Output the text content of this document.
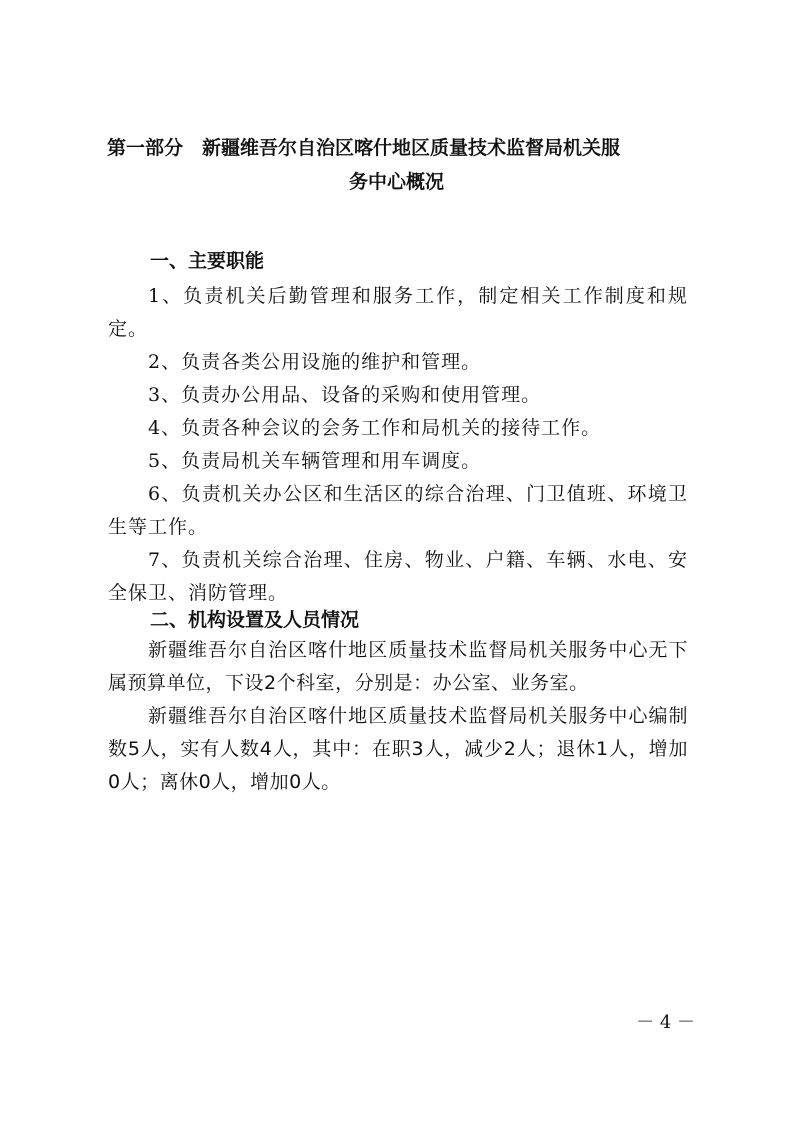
第一部分　新疆维吾尔自治区喀什地区质量技术监督局机关服
务中心概况
一、主要职能
1、负责机关后勤管理和服务工作，制定相关工作制度和规定。
2、负责各类公用设施的维护和管理。
3、负责办公用品、设备的采购和使用管理。
4、负责各种会议的会务工作和局机关的接待工作。
5、负责局机关车辆管理和用车调度。
6、负责机关办公区和生活区的综合治理、门卫值班、环境卫生等工作。
7、负责机关综合治理、住房、物业、户籍、车辆、水电、安全保卫、消防管理。
二、机构设置及人员情况
新疆维吾尔自治区喀什地区质量技术监督局机关服务中心无下属预算单位，下设2个科室，分别是：办公室、业务室。
新疆维吾尔自治区喀什地区质量技术监督局机关服务中心编制数5人，实有人数4人，其中：在职3人，减少2人；退休1人，增加0人；离休0人，增加0人。
－ 4 －
